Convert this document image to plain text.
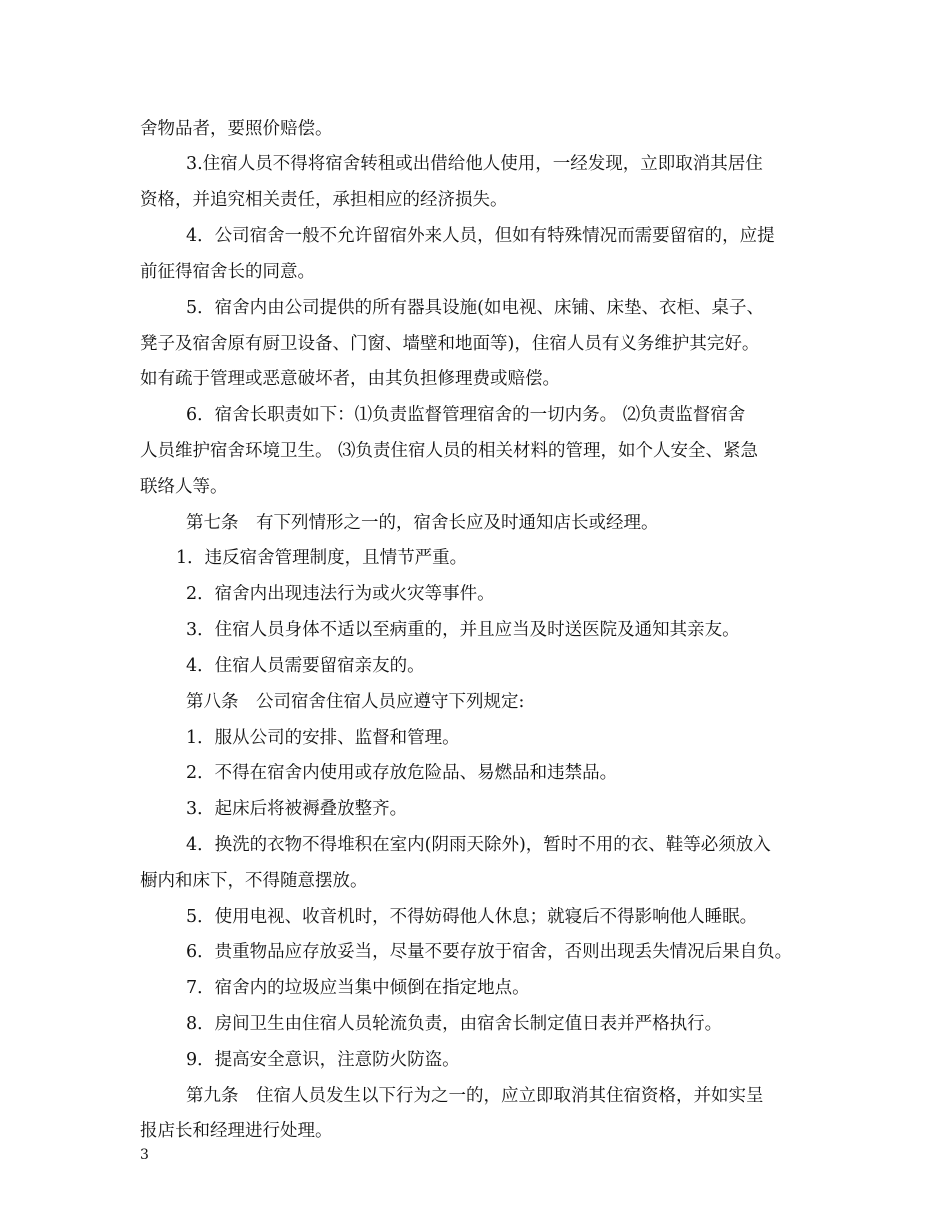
舍物品者，要照价赔偿。
3.住宿人员不得将宿舍转租或出借给他人使用，一经发现，立即取消其居住
资格，并追究相关责任，承担相应的经济损失。
4．公司宿舍一般不允许留宿外来人员，但如有特殊情况而需要留宿的，应提
前征得宿舍长的同意。
5．宿舍内由公司提供的所有器具设施(如电视、床铺、床垫、衣柜、桌子、
凳子及宿舍原有厨卫设备、门窗、墙壁和地面等)，住宿人员有义务维护其完好。
如有疏于管理或恶意破坏者，由其负担修理费或赔偿。
6．宿舍长职责如下：⑴负责监督管理宿舍的一切内务。 ⑵负责监督宿舍
人员维护宿舍环境卫生。 ⑶负责住宿人员的相关材料的管理，如个人安全、紧急
联络人等。
第七条　有下列情形之一的，宿舍长应及时通知店长或经理。
1．违反宿舍管理制度，且情节严重。
2．宿舍内出现违法行为或火灾等事件。
3．住宿人员身体不适以至病重的，并且应当及时送医院及通知其亲友。
4．住宿人员需要留宿亲友的。
第八条　公司宿舍住宿人员应遵守下列规定:
1．服从公司的安排、监督和管理。
2．不得在宿舍内使用或存放危险品、易燃品和违禁品。
3．起床后将被褥叠放整齐。
4．换洗的衣物不得堆积在室内(阴雨天除外)，暂时不用的衣、鞋等必须放入
橱内和床下，不得随意摆放。
5．使用电视、收音机时，不得妨碍他人休息；就寝后不得影响他人睡眠。
6．贵重物品应存放妥当，尽量不要存放于宿舍，否则出现丢失情况后果自负。
7．宿舍内的垃圾应当集中倾倒在指定地点。
8．房间卫生由住宿人员轮流负责，由宿舍长制定值日表并严格执行。
9．提高安全意识，注意防火防盗。
第九条　住宿人员发生以下行为之一的，应立即取消其住宿资格，并如实呈
报店长和经理进行处理。
3
